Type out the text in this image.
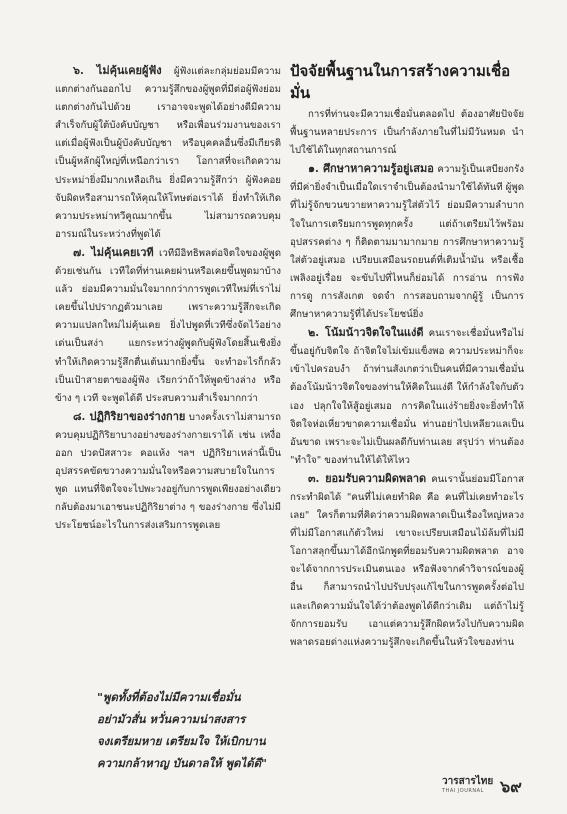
๖. ไม่คุ้นเคยผู้ฟัง ผู้ฟังแต่ละกลุ่มย่อมมีความแตกต่างกันออกไป ความรู้สึกของผู้พูดที่มีต่อผู้ฟังย่อมแตกต่างกันไปด้วย เราอาจจะพูดได้อย่างดีมีความสำเร็จกับผู้ใต้บังคับบัญชา หรือเพื่อนร่วมงานของเรา แต่เมื่อผู้ฟังเป็นผู้บังคับบัญชา หรือบุคคลอื่นซึ่งมีเกียรติ เป็นผู้หลักผู้ใหญ่ที่เหนือกว่าเรา โอกาสที่จะเกิดความประหม่ายิ่งมีมากเหลือเกิน ยิ่งมีความรู้สึกว่า ผู้ฟังคอยจับผิดหรือสามารถให้คุณให้โทษต่อเราได้ ยิ่งทำให้เกิดความประหม่าทวีคูณมากขึ้น ไม่สามารถควบคุมอารมณ์ในระหว่างที่พูดได้

๗. ไม่คุ้นเคยเวที เวทีมีอิทธิพลต่อจิตใจของผู้พูดด้วยเช่นกัน เวทีใดที่ท่านเคยผ่านหรือเคยขึ้นพูดมาบ้างแล้ว ย่อมมีความมั่นใจมากกว่าการพูดเวทีใหม่ที่เราไม่เคยขึ้นไปปรากฏตัวมาเลย เพราะความรู้สึกจะเกิดความแปลกใหม่ไม่คุ้นเคย ยิ่งไปพูดที่เวทีซึ่งจัดไว้อย่างเด่นเป็นสง่า แยกระหว่างผู้พูดกับผู้ฟังโดยสิ้นเชิงยิ่งทำให้เกิดความรู้สึกตื่นเต้นมากยิ่งขึ้น จะทำอะไรก็กลัวเป็นเป้าสายตาของผู้ฟัง เรียกว่าถ้าให้พูดข้างล่าง หรือข้าง ๆ เวที จะพูดได้ดี ประสบความสำเร็จมากกว่า

๘. ปฏิกิริยาของร่างกาย บางครั้งเราไม่สามารถควบคุมปฏิกิริยาบางอย่างของร่างกายเราได้ เช่น เหงื่อออก ปวดปัสสาวะ คอแห้ง ฯลฯ ปฏิกิริยาเหล่านี้เป็นอุปสรรคขัดขวางความมั่นใจหรือความสบายใจในการพูด แทนที่จิตใจจะไปพะวงอยู่กับการพูดเพียงอย่างเดียว กลับต้องมาเอาชนะปฏิกิริยาต่าง ๆ ของร่างกาย ซึ่งไม่มีประโยชน์อะไรในการส่งเสริมการพูดเลย

"พูดทั้งที่ต้องไม่มีความเชื่อมั่น

อย่ามัวสั่น หวั่นความน่าสงสาร

จงเตรียมหาย เตรียมใจ ให้เบิกบาน

ความกล้าหาญ บันดาลให้ พูดได้ดี"

ปัจจัยพื้นฐานในการสร้างความเชื่อมั่น

การที่ท่านจะมีความเชื่อมั่นตลอดไป ต้องอาศัยปัจจัยพื้นฐานหลายประการ เป็นกำลังภายในที่ไม่มีวันหมด นำไปใช้ได้ในทุกสถานการณ์

๑. ศึกษาหาความรู้อยู่เสมอ ความรู้เป็นเสบียงกรังที่มีค่ายิ่งจำเป็นเมื่อใดเราจำเป็นต้องนำมาใช้ได้ทันที ผู้พูดที่ไม่รู้จักขวนขวายหาความรู้ใส่ตัวไว้ ย่อมมีความลำบากใจในการเตรียมการพูดทุกครั้ง แต่ถ้าเตรียมไว้พร้อม อุปสรรคต่าง ๆ ก็ติดตามมามากมาย การศึกษาหาความรู้ใส่ตัวอยู่เสมอ เปรียบเสมือนรถยนต์ที่เติมน้ำมัน หรือเชื้อเพลิงอยู่เรื่อย จะขับไปที่ไหนก็ย่อมได้ การอ่าน การฟัง การดู การสังเกต จดจำ การสอบถามจากผู้รู้ เป็นการศึกษาหาความรู้ที่ได้ประโยชน์ยิ่ง

๒. โน้มน้าวจิตใจในแง่ดี คนเราจะเชื่อมั่นหรือไม่ ขึ้นอยู่กับจิตใจ ถ้าจิตใจไม่เข้มแข็งพอ ความประหม่าก็จะเข้าไปครอบงำ ถ้าท่านสังเกตว่าเป็นคนที่มีความเชื่อมั่น ต้องโน้มน้าวจิตใจของท่านให้คิดในแง่ดี ให้กำลังใจกับตัวเอง ปลุกใจให้สู้อยู่เสมอ การคิดในแง่ร้ายยิ่งจะยิ่งทำให้จิตใจห่อเหี่ยวขาดความเชื่อมั่น ท่านอย่าไปเหลียวแลเป็นอันขาด เพราะจะไม่เป็นผลดีกับท่านเลย สรุปว่า ท่านต้อง "ทำใจ" ของท่านให้ได้ให้ไหว

๓. ยอมรับความผิดพลาด คนเรานั้นย่อมมีโอกาสกระทำผิดได้ "คนที่ไม่เคยทำผิด คือ คนที่ไม่เคยทำอะไรเลย" ใครก็ตามที่คิดว่าความผิดพลาดเป็นเรื่องใหญ่หลวงที่ไม่มีโอกาสแก้ตัวใหม่ เขาจะเปรียบเสมือนไม้ล้มที่ไม่มีโอกาสลุกขึ้นมาได้อีกนักพูดที่ยอมรับความผิดพลาด อาจจะได้จากการประเมินตนเอง หรือฟังจากคำวิจารณ์ของผู้อื่น ก็สามารถนำไปปรับปรุงแก้ไขในการพูดครั้งต่อไป และเกิดความมั่นใจได้ว่าต้องพูดได้ดีกว่าเดิม แต่ถ้าไม่รู้จักการยอมรับ เอาแต่ความรู้สึกผิดหวังไปกับความผิดพลาดรอยด่างแห่งความรู้สึกจะเกิดขึ้นในหัวใจของท่าน

วารสารไทย
THAI JOURNAL	๖๙
